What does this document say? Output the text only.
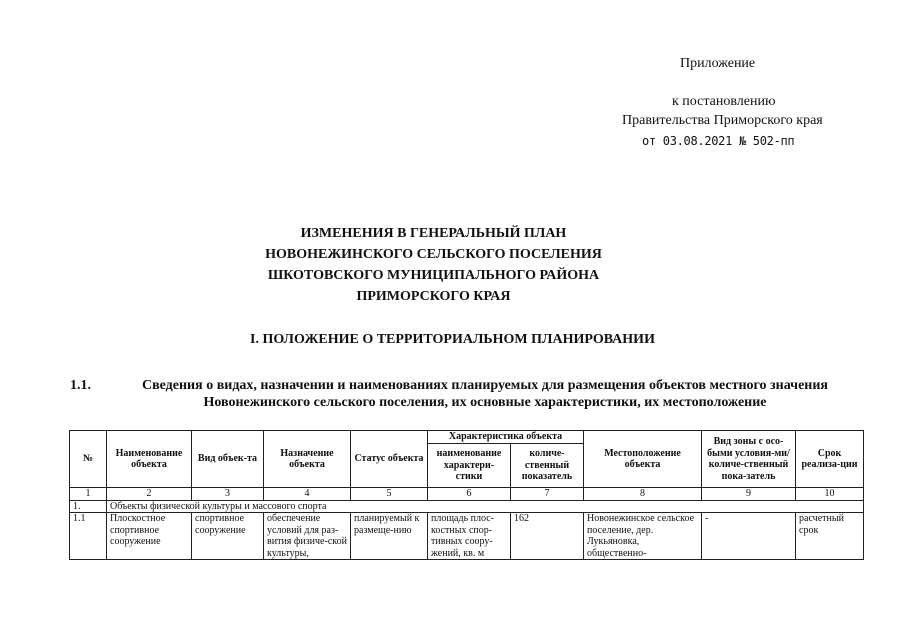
Приложение
к постановлению
Правительства Приморского края
от 03.08.2021 № 502-пп
ИЗМЕНЕНИЯ В ГЕНЕРАЛЬНЫЙ ПЛАН
НОВОНЕЖИНСКОГО СЕЛЬСКОГО ПОСЕЛЕНИЯ
ШКОТОВСКОГО МУНИЦИПАЛЬНОГО РАЙОНА
ПРИМОРСКОГО КРАЯ
I. ПОЛОЖЕНИЕ О ТЕРРИТОРИАЛЬНОМ ПЛАНИРОВАНИИ
1.1.	Сведения о видах, назначении и наименованиях планируемых для размещения объектов местного значения Новонежинского сельского поселения, их основные характеристики, их местоположение
№	Наименование объекта	Вид объек-та	Назначение объекта	Статус объекта	Характеристика объекта		Местоположение объекта	Вид зоны с осо-быми условия-ми/ количе-ственный пока-затель	Срок реализа-ции
					наименование характери-стики	количе-ственный показатель			
1	2	3	4	5	6	7	8	9	10
1.	Объекты физической культуры и массового спорта								

1.1	Плоскостное спортивное сооружение	спортивное сооружение	обеспечение условий для раз-вития физиче-ской культуры,	планируемый к размеще-нию	площадь плос-костных спор-тивных соору-жений, кв. м	162	Новонежинское сельское поселение, дер. Лукьяновка, общественно-	-	расчетный срок
